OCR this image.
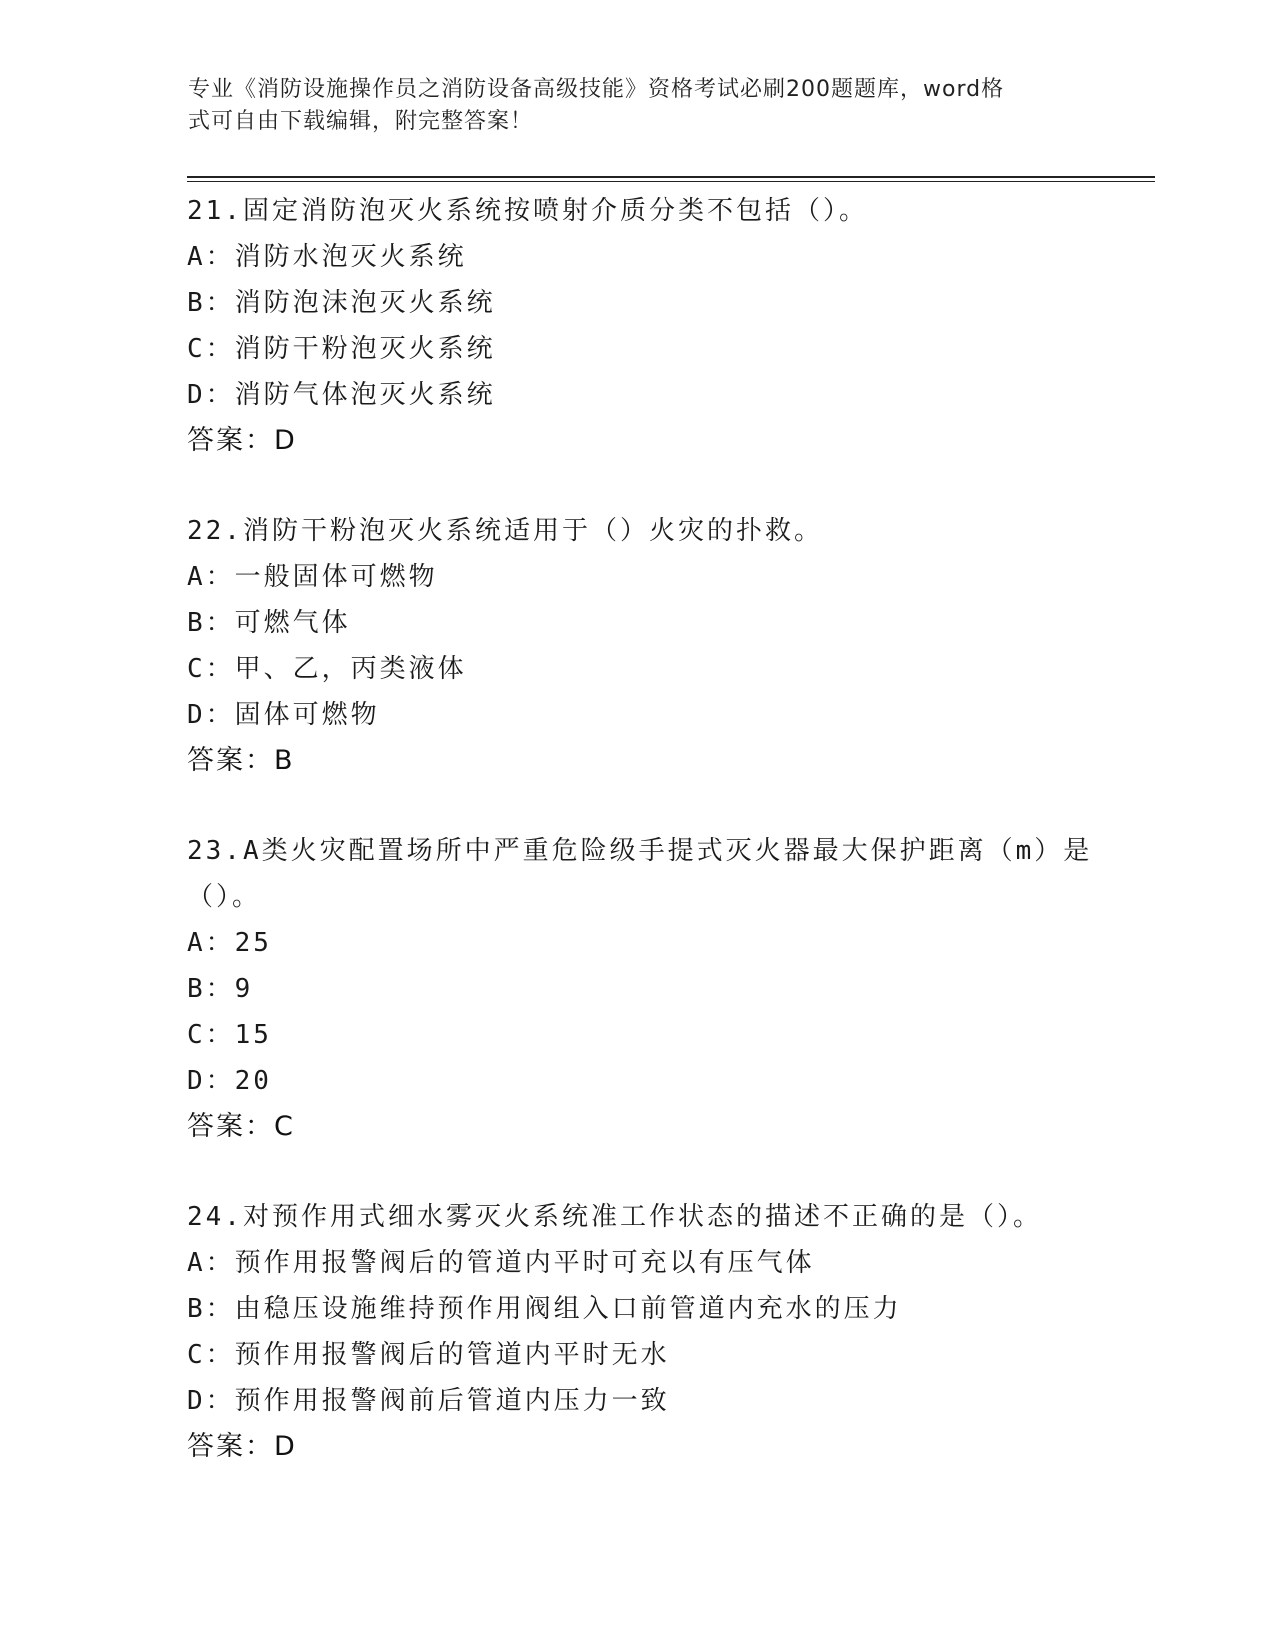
专业《消防设施操作员之消防设备高级技能》资格考试必刷200题题库，word格
式可自由下载编辑，附完整答案！
21.固定消防泡灭火系统按喷射介质分类不包括（）。
A：消防水泡灭火系统
B：消防泡沫泡灭火系统
C：消防干粉泡灭火系统
D：消防气体泡灭火系统
答案：D
22.消防干粉泡灭火系统适用于（）火灾的扑救。
A：一般固体可燃物
B：可燃气体
C：甲、乙，丙类液体
D：固体可燃物
答案：B
23.A类火灾配置场所中严重危险级手提式灭火器最大保护距离（m）是
（）。
A：25
B：9
C：15
D：20
答案：C
24.对预作用式细水雾灭火系统准工作状态的描述不正确的是（）。
A：预作用报警阀后的管道内平时可充以有压气体
B：由稳压设施维持预作用阀组入口前管道内充水的压力
C：预作用报警阀后的管道内平时无水
D：预作用报警阀前后管道内压力一致
答案：D
